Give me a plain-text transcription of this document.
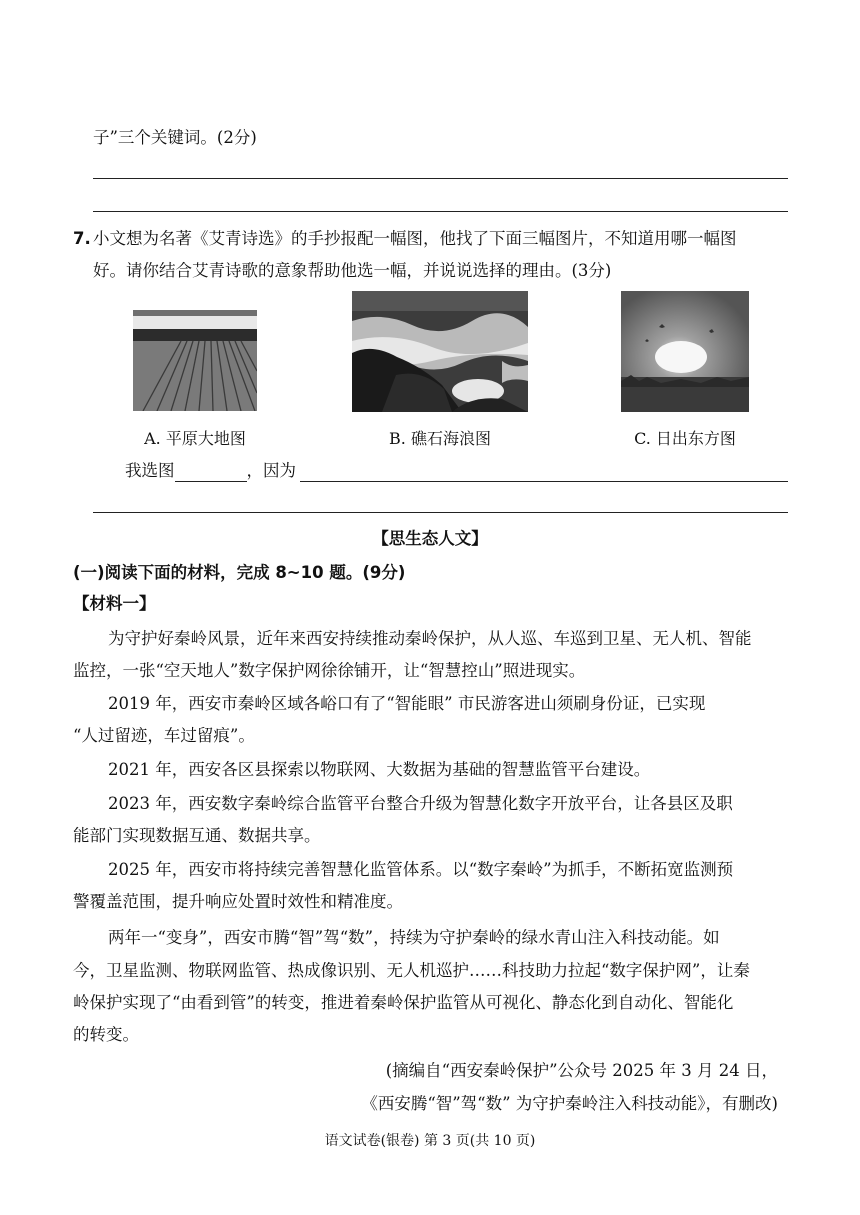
子”三个关键词。(2分)
7. 小文想为名著《艾青诗选》的手抄报配一幅图，他找了下面三幅图片，不知道用哪一幅图
好。请你结合艾青诗歌的意象帮助他选一幅，并说说选择的理由。(3分)
A. 平原大地图	B. 礁石海浪图	C. 日出东方图
我选图	，因为
【思生态人文】
(一)阅读下面的材料，完成 8~10 题。(9分)
【材料一】
为守护好秦岭风景，近年来西安持续推动秦岭保护，从人巡、车巡到卫星、无人机、智能
监控，一张“空天地人”数字保护网徐徐铺开，让“智慧控山”照进现实。
2019 年，西安市秦岭区域各峪口有了“智能眼” 市民游客进山须刷身份证，已实现
“人过留迹，车过留痕”。
2021 年，西安各区县探索以物联网、大数据为基础的智慧监管平台建设。
2023 年，西安数字秦岭综合监管平台整合升级为智慧化数字开放平台，让各县区及职
能部门实现数据互通、数据共享。
2025 年，西安市将持续完善智慧化监管体系。以“数字秦岭”为抓手，不断拓宽监测预
警覆盖范围，提升响应处置时效性和精准度。
两年一“变身”，西安市腾“智”驾“数”，持续为守护秦岭的绿水青山注入科技动能。如
今，卫星监测、物联网监管、热成像识别、无人机巡护……科技助力拉起“数字保护网”，让秦
岭保护实现了“由看到管”的转变，推进着秦岭保护监管从可视化、静态化到自动化、智能化
的转变。
(摘编自“西安秦岭保护”公众号 2025 年 3 月 24 日，
《西安腾“智”驾“数” 为守护秦岭注入科技动能》，有删改)
语文试卷(银卷) 第 3 页(共 10 页)
